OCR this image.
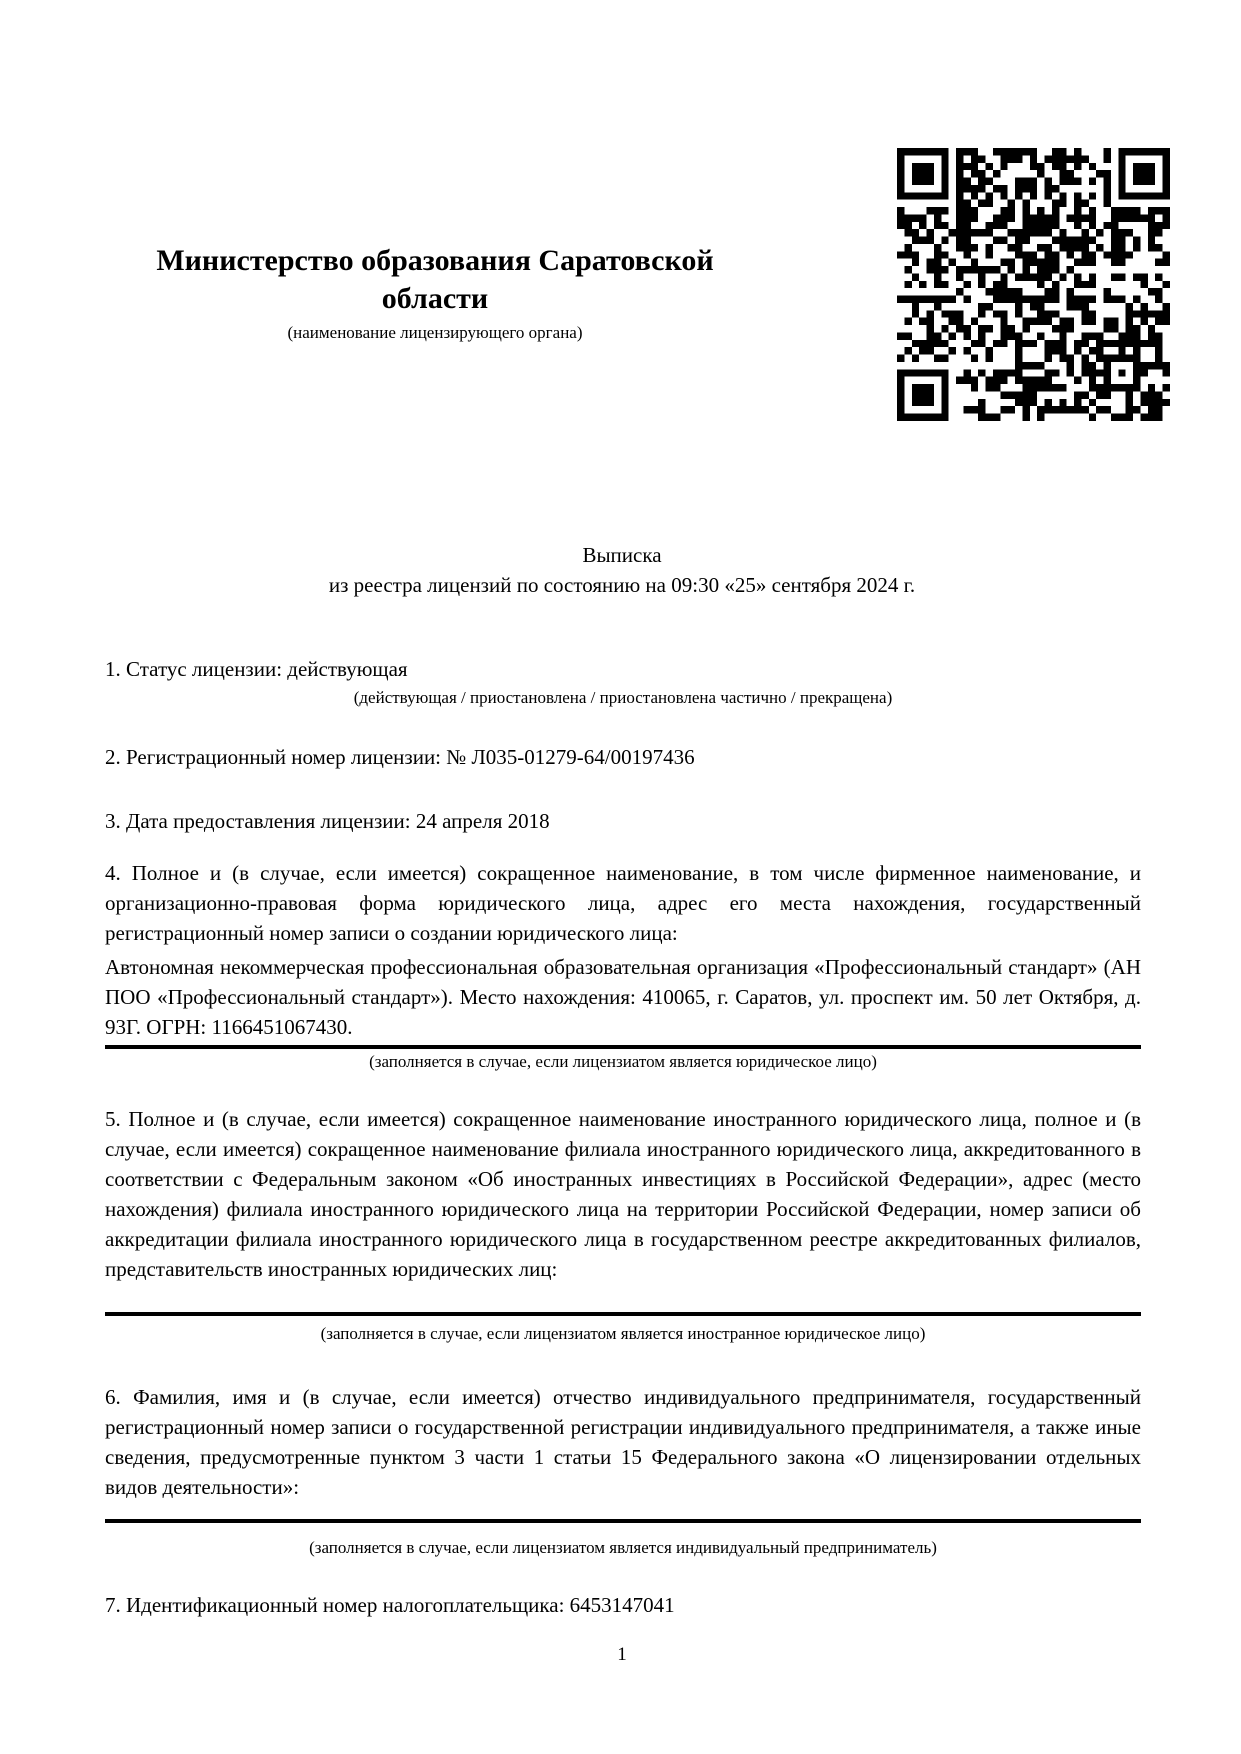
Министерство образования Саратовской области
(наименование лицензирующего органа)
Выписка
из реестра лицензий по состоянию на 09:30 «25» сентября 2024 г.
1. Статус лицензии: действующая
(действующая / приостановлена / приостановлена частично / прекращена)
2. Регистрационный номер лицензии: № Л035-01279-64/00197436
3. Дата предоставления лицензии: 24 апреля 2018
4. Полное и (в случае, если имеется) сокращенное наименование, в том числе фирменное наименование, и организационно-правовая форма юридического лица, адрес его места нахождения, государственный регистрационный номер записи о создании юридического лица:
Автономная некоммерческая профессиональная образовательная организация «Профессиональный стандарт» (АН ПОО «Профессиональный стандарт»). Место нахождения: 410065, г. Саратов, ул. проспект им. 50 лет Октября, д. 93Г. ОГРН: 1166451067430.
(заполняется в случае, если лицензиатом является юридическое лицо)
5. Полное и (в случае, если имеется) сокращенное наименование иностранного юридического лица, полное и (в случае, если имеется) сокращенное наименование филиала иностранного юридического лица, аккредитованного в соответствии с Федеральным законом «Об иностранных инвестициях в Российской Федерации», адрес (место нахождения) филиала иностранного юридического лица на территории Российской Федерации, номер записи об аккредитации филиала иностранного юридического лица в государственном реестре аккредитованных филиалов, представительств иностранных юридических лиц:
(заполняется в случае, если лицензиатом является иностранное юридическое лицо)
6. Фамилия, имя и (в случае, если имеется) отчество индивидуального предпринимателя, государственный регистрационный номер записи о государственной регистрации индивидуального предпринимателя, а также иные сведения, предусмотренные пунктом 3 части 1 статьи 15 Федерального закона «О лицензировании отдельных видов деятельности»:
(заполняется в случае, если лицензиатом является индивидуальный предприниматель)
7. Идентификационный номер налогоплательщика: 6453147041
1
